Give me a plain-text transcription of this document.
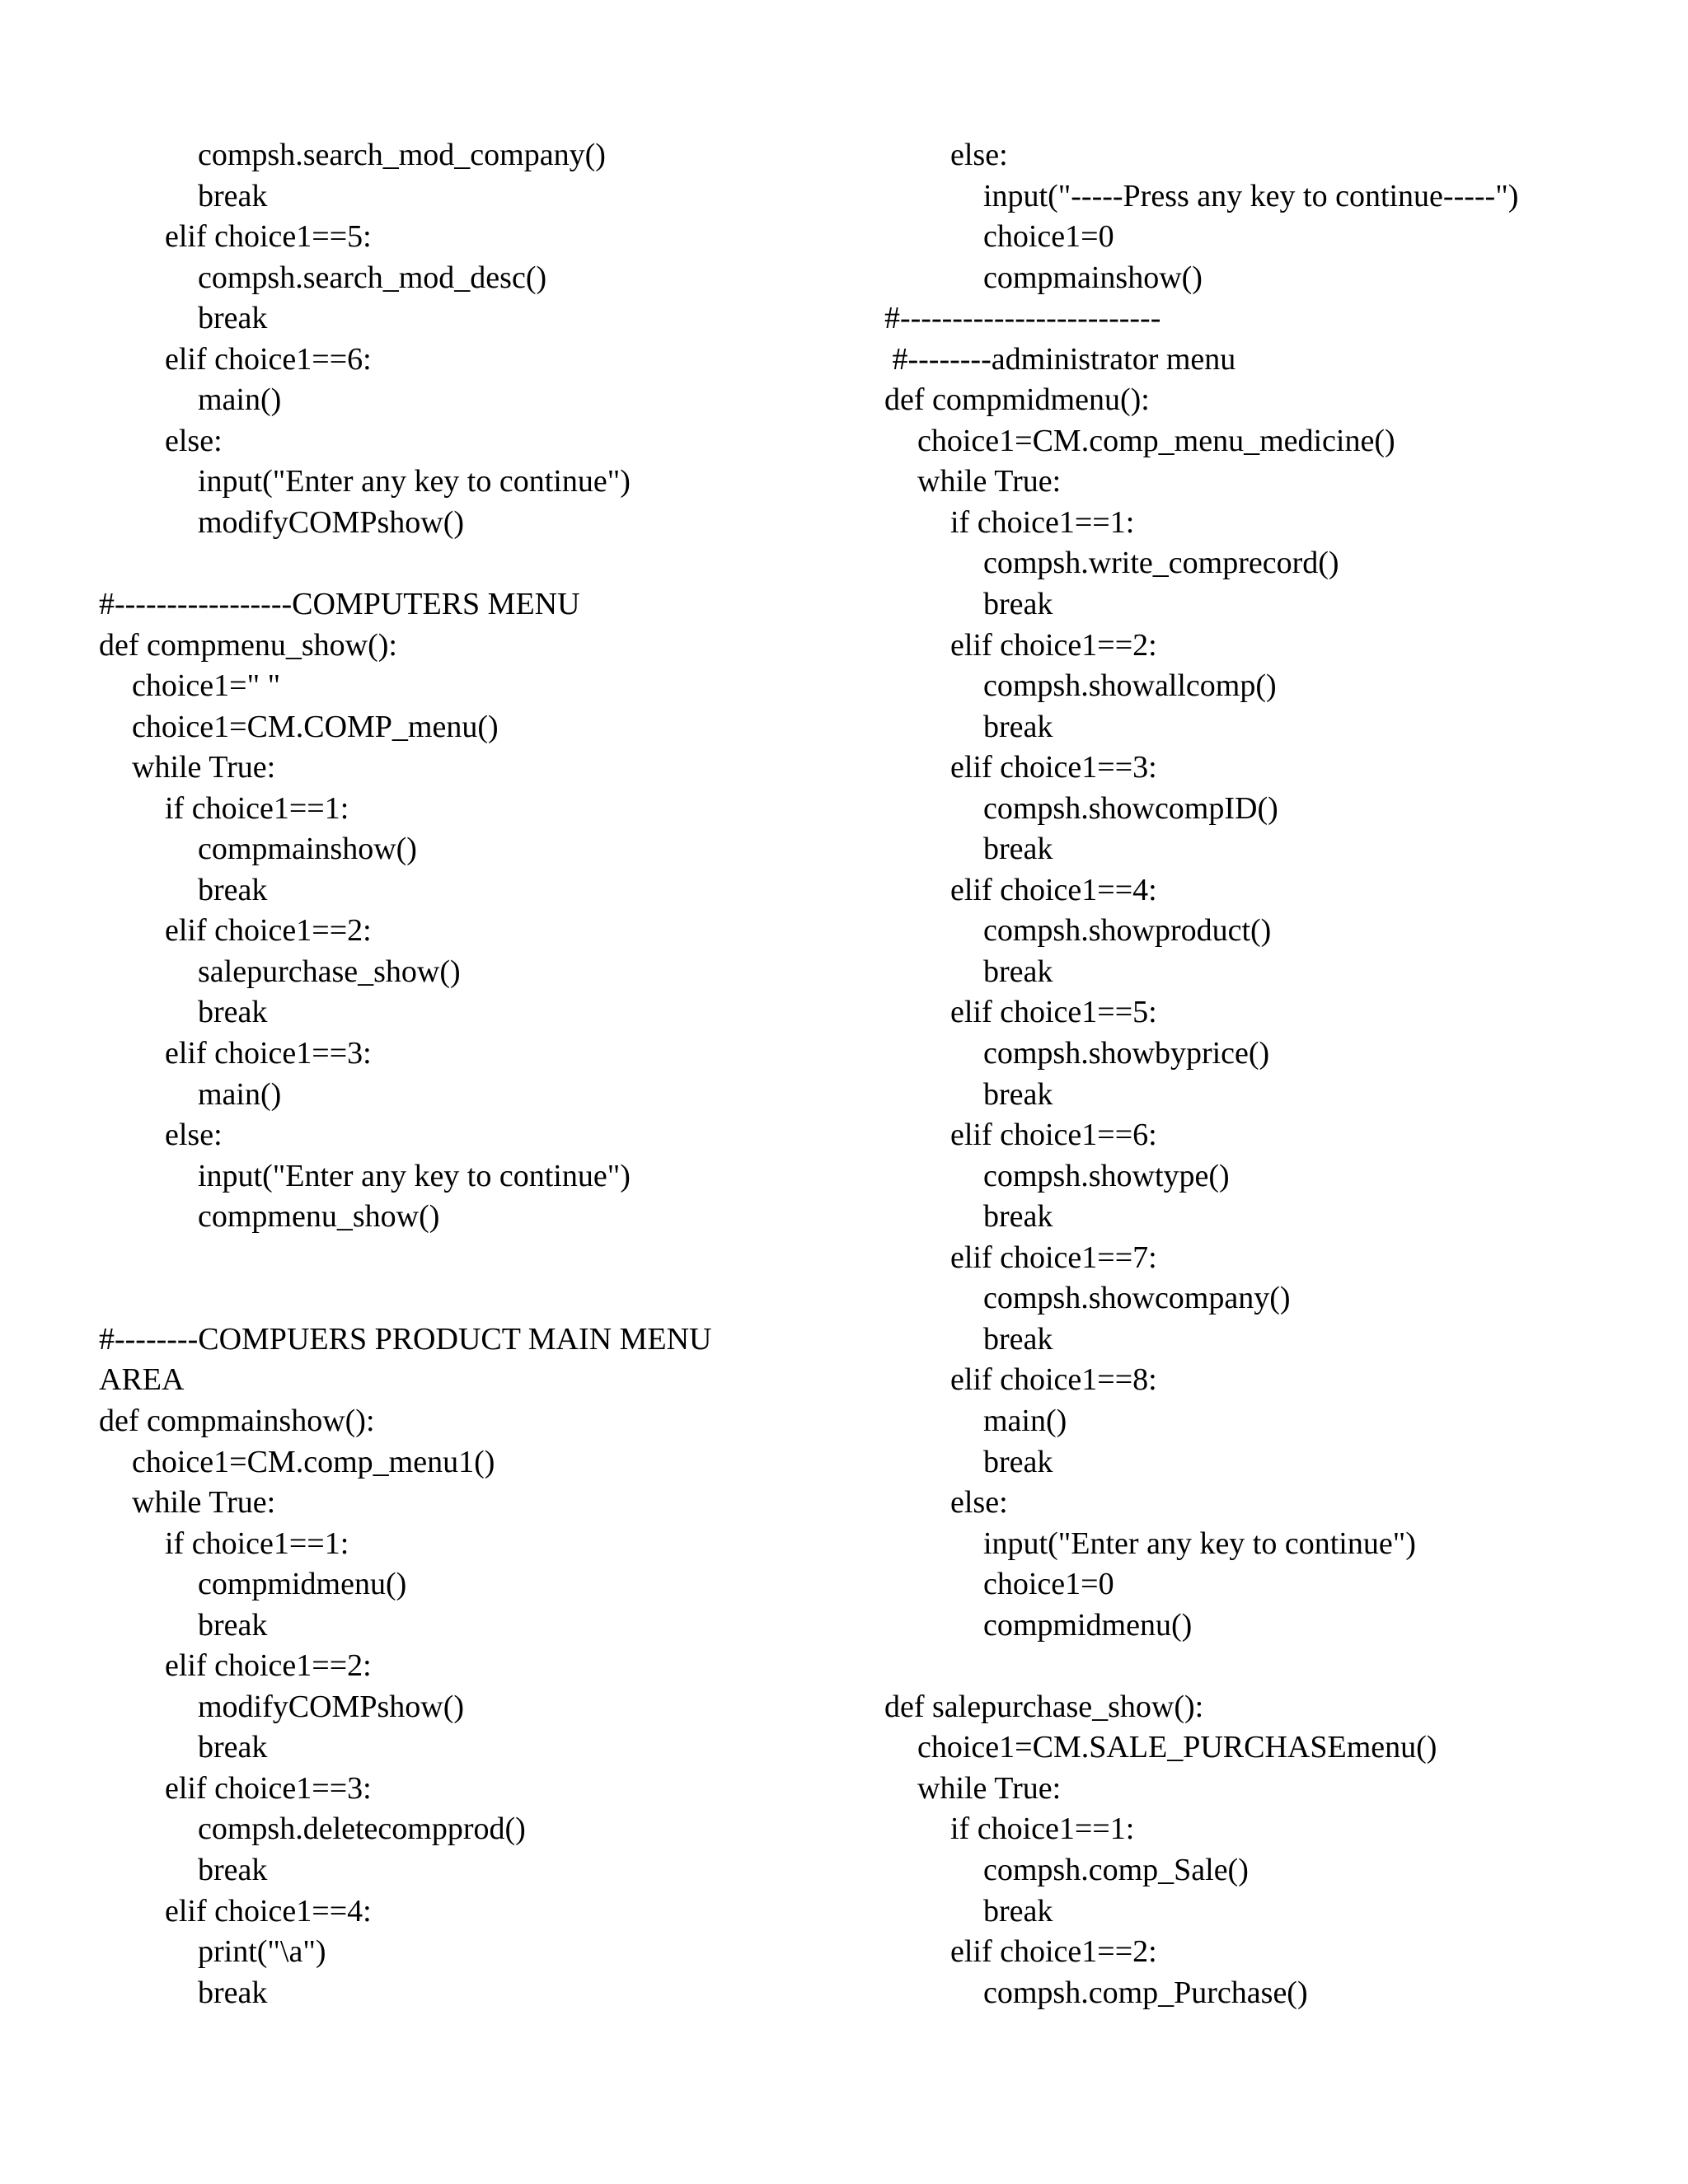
compsh.search_mod_company()
break
elif choice1==5:
compsh.search_mod_desc()
break
elif choice1==6:
main()
else:
input("Enter any key to continue")
modifyCOMPshow()
#-----------------COMPUTERS MENU
def compmenu_show():
choice1=" "
choice1=CM.COMP_menu()
while True:
if choice1==1:
compmainshow()
break
elif choice1==2:
salepurchase_show()
break
elif choice1==3:
main()
else:
input("Enter any key to continue")
compmenu_show()
#--------COMPUERS PRODUCT MAIN MENU
AREA
def compmainshow():
choice1=CM.comp_menu1()
while True:
if choice1==1:
compmidmenu()
break
elif choice1==2:
modifyCOMPshow()
break
elif choice1==3:
compsh.deletecompprod()
break
elif choice1==4:
print("\a")
break
else:
input("-----Press any key to continue-----")
choice1=0
compmainshow()
#-------------------------
#--------administrator menu
def compmidmenu():
choice1=CM.comp_menu_medicine()
while True:
if choice1==1:
compsh.write_comprecord()
break
elif choice1==2:
compsh.showallcomp()
break
elif choice1==3:
compsh.showcompID()
break
elif choice1==4:
compsh.showproduct()
break
elif choice1==5:
compsh.showbyprice()
break
elif choice1==6:
compsh.showtype()
break
elif choice1==7:
compsh.showcompany()
break
elif choice1==8:
main()
break
else:
input("Enter any key to continue")
choice1=0
compmidmenu()
def salepurchase_show():
choice1=CM.SALE_PURCHASEmenu()
while True:
if choice1==1:
compsh.comp_Sale()
break
elif choice1==2:
compsh.comp_Purchase()
